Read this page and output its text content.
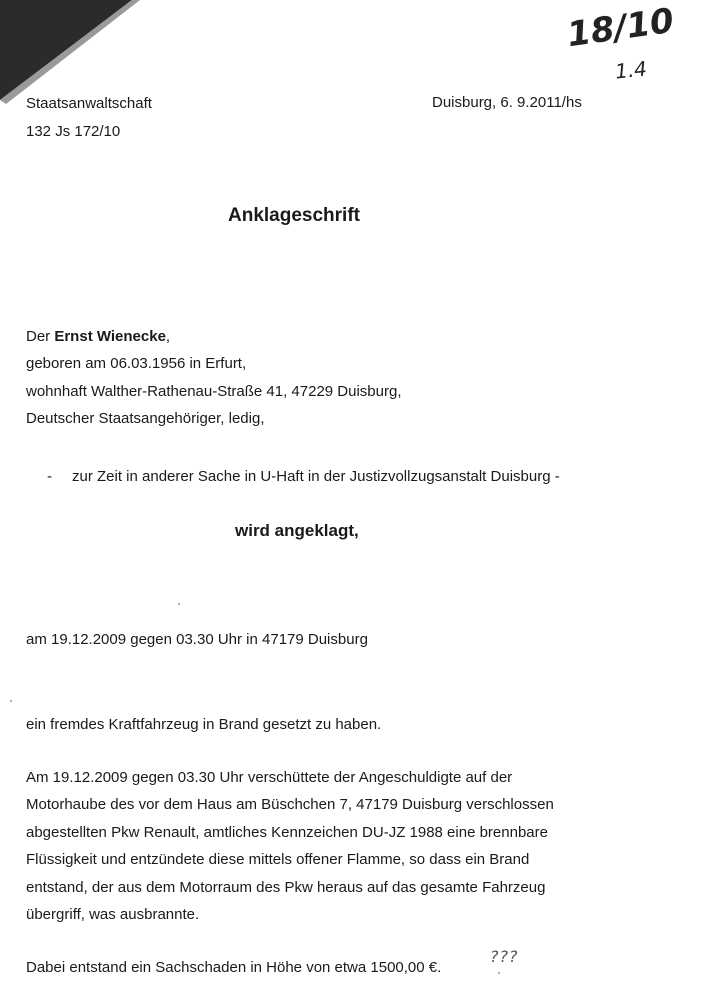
18/10
1.4
Staatsanwaltschaft
132 Js 172/10
Duisburg, 6. 9.2011/hs
Anklageschrift
Der Ernst Wienecke,
geboren am 06.03.1956 in Erfurt,
wohnhaft Walther-Rathenau-Straße 41, 47229 Duisburg,
Deutscher Staatsangehöriger, ledig,
- zur Zeit in anderer Sache in U-Haft in der Justizvollzugsanstalt Duisburg -
wird angeklagt,
am 19.12.2009 gegen 03.30 Uhr in 47179 Duisburg
ein fremdes Kraftfahrzeug in Brand gesetzt zu haben.
Am 19.12.2009 gegen 03.30 Uhr verschüttete der Angeschuldigte auf der
Motorhaube des vor dem Haus am Büschchen 7, 47179 Duisburg verschlossen
abgestellten Pkw Renault, amtliches Kennzeichen DU-JZ 1988 eine brennbare
Flüssigkeit und entzündete diese mittels offener Flamme, so dass ein Brand
entstand, der aus dem Motorraum des Pkw heraus auf das gesamte Fahrzeug
übergriff, was ausbrannte.
Dabei entstand ein Sachschaden in Höhe von etwa 1500,00 €.
???
